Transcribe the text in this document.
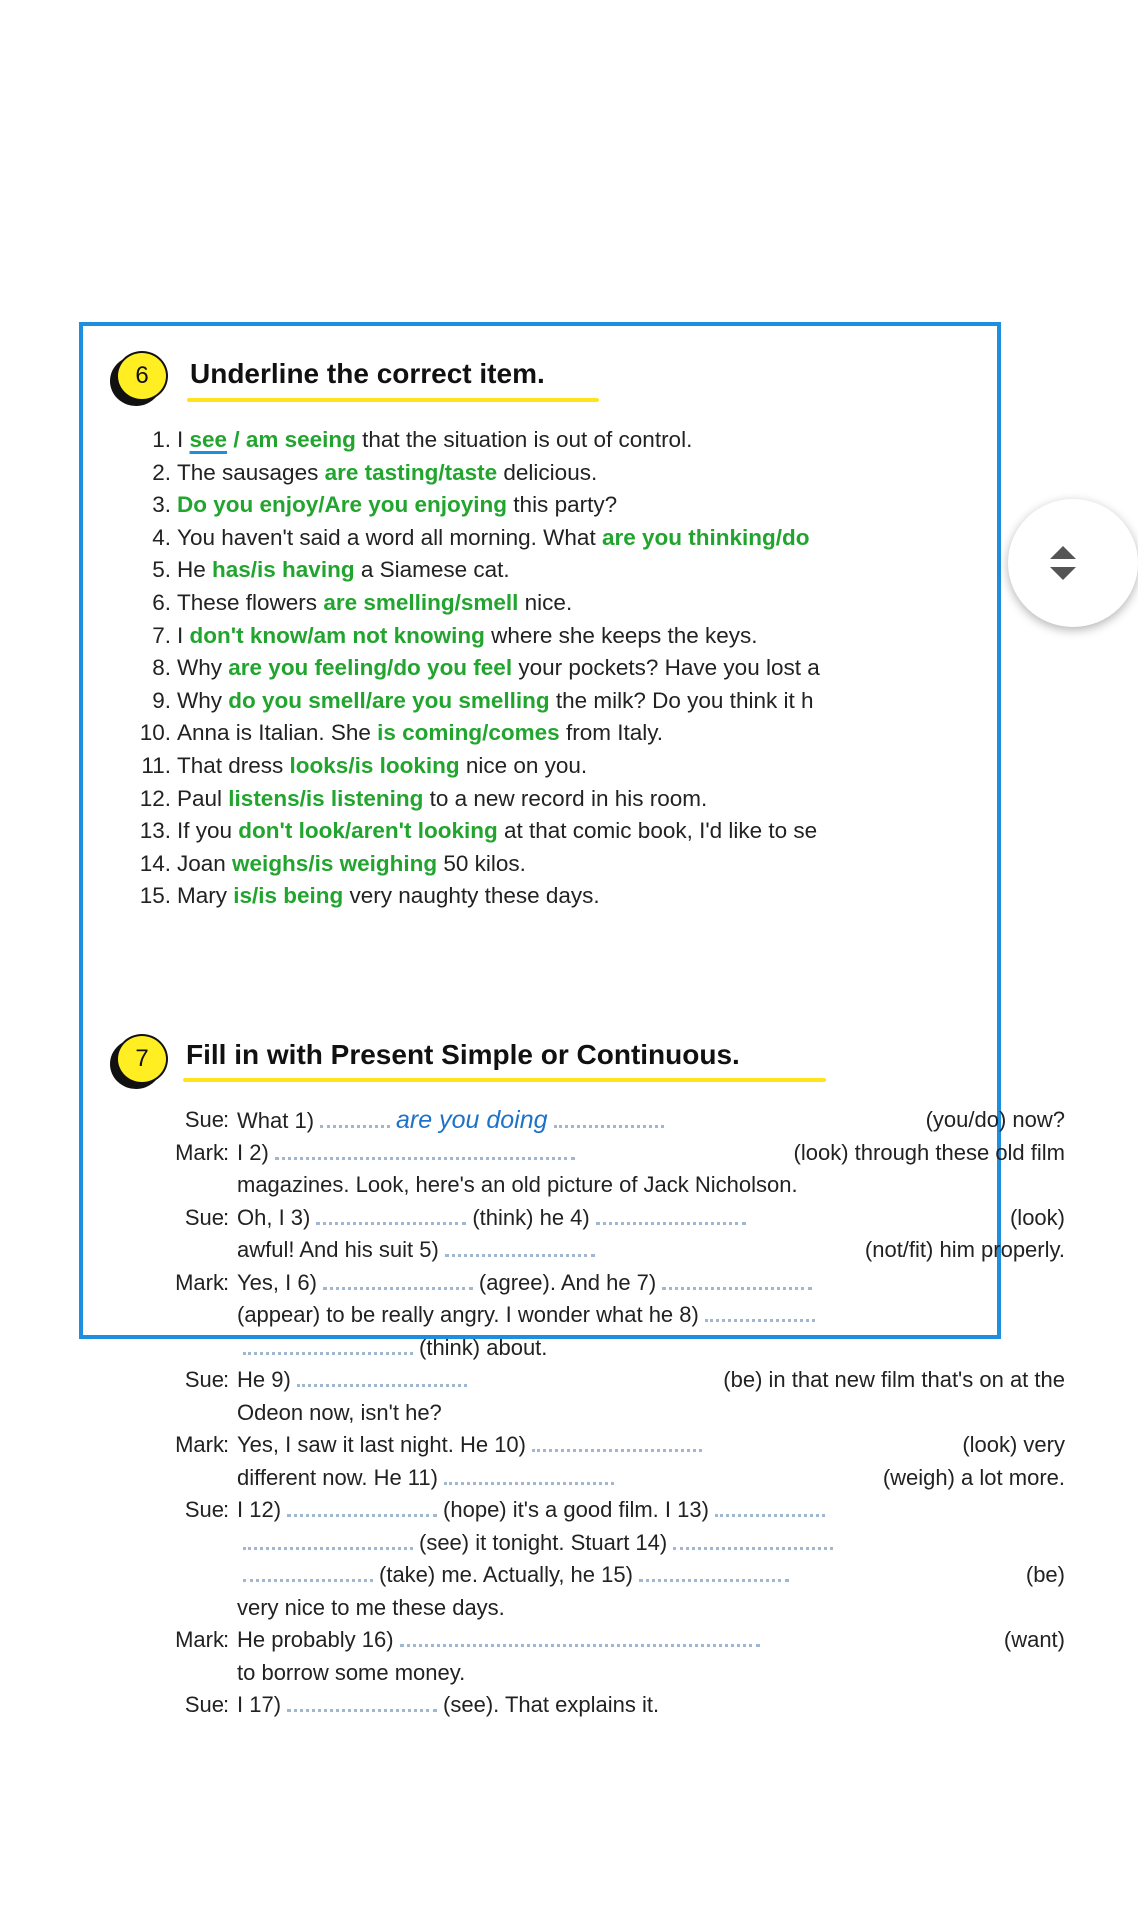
6 Underline the correct item.
1. I see / am seeing that the situation is out of control.
2. The sausages are tasting/taste delicious.
3. Do you enjoy/Are you enjoying this party?
4. You haven't said a word all morning. What are you thinking/do
5. He has/is having a Siamese cat.
6. These flowers are smelling/smell nice.
7. I don't know/am not knowing where she keeps the keys.
8. Why are you feeling/do you feel your pockets? Have you lost a
9. Why do you smell/are you smelling the milk? Do you think it h
10. Anna is Italian. She is coming/comes from Italy.
11. That dress looks/is looking nice on you.
12. Paul listens/is listening to a new record in his room.
13. If you don't look/aren't looking at that comic book, I'd like to se
14. Joan weighs/is weighing 50 kilos.
15. Mary is/is being very naughty these days.
7 Fill in with Present Simple or Continuous.
Sue : What 1)	are you doing	(you/do) now?
Mark : I 2)	(look) through these old film
magazines. Look, here's an old picture of Jack Nicholson.
Sue : Oh, I 3)	(think) he 4)	(look)
awful! And his suit 5)	(not/fit) him properly.
Mark : Yes, I 6)	(agree). And he 7)
(appear) to be really angry. I wonder what he 8)
(think) about.
Sue : He 9)	(be) in that new film that's on at the
Odeon now, isn't he?
Mark : Yes, I saw it last night. He 10)	(look) very
different now. He 11)	(weigh) a lot more.
Sue : I 12)	(hope) it's a good film. I 13)
(see) it tonight. Stuart 14)
(take) me. Actually, he 15)	(be)
very nice to me these days.
Mark : He probably 16)	(want)
to borrow some money.
Sue : I 17)	(see). That explains it.
